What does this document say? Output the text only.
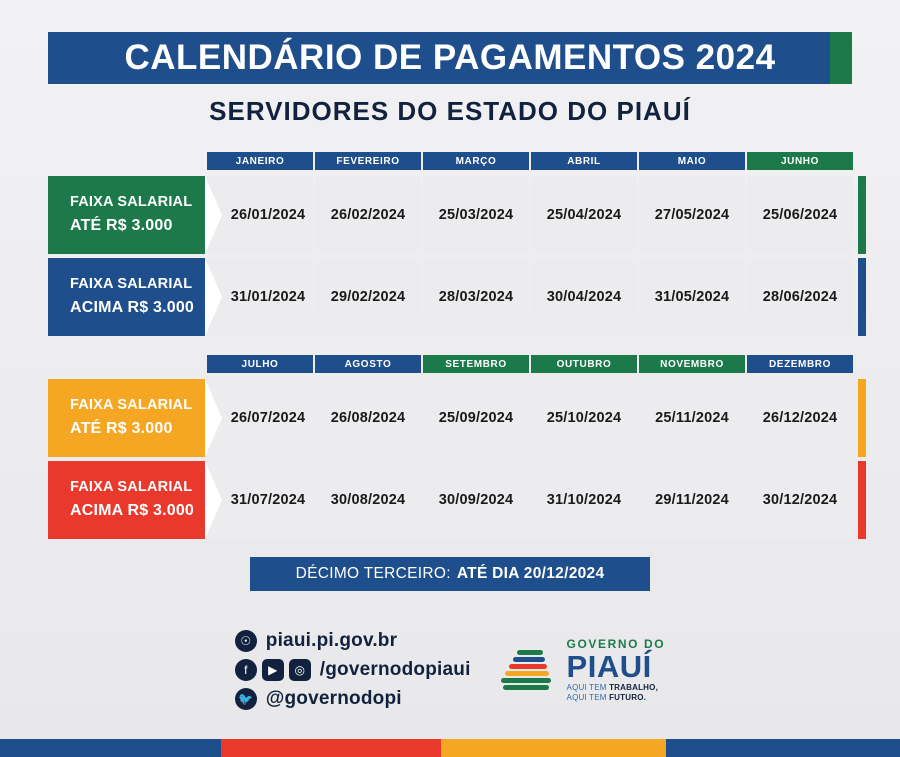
CALENDÁRIO DE PAGAMENTOS 2024
SERVIDORES DO ESTADO DO PIAUÍ
JANEIRO	FEVEREIRO	MARÇO	ABRIL	MAIO	JUNHO
FAIXA SALARIAL
ATÉ R$ 3.000
26/01/2024	26/02/2024	25/03/2024	25/04/2024	27/05/2024	25/06/2024
FAIXA SALARIAL
ACIMA R$ 3.000
31/01/2024	29/02/2024	28/03/2024	30/04/2024	31/05/2024	28/06/2024
JULHO	AGOSTO	SETEMBRO	OUTUBRO	NOVEMBRO	DEZEMBRO
FAIXA SALARIAL
ATÉ R$ 3.000
26/07/2024	26/08/2024	25/09/2024	25/10/2024	25/11/2024	26/12/2024
FAIXA SALARIAL
ACIMA R$ 3.000
31/07/2024	30/08/2024	30/09/2024	31/10/2024	29/11/2024	30/12/2024
DÉCIMO TERCEIRO: ATÉ DIA 20/12/2024
☉ piaui.pi.gov.br
f	▶	◎ /governodopiaui
🐦 @governodopi
GOVERNO DO
PIAUÍ
AQUI TEM TRABALHO,
AQUI TEM FUTURO.
